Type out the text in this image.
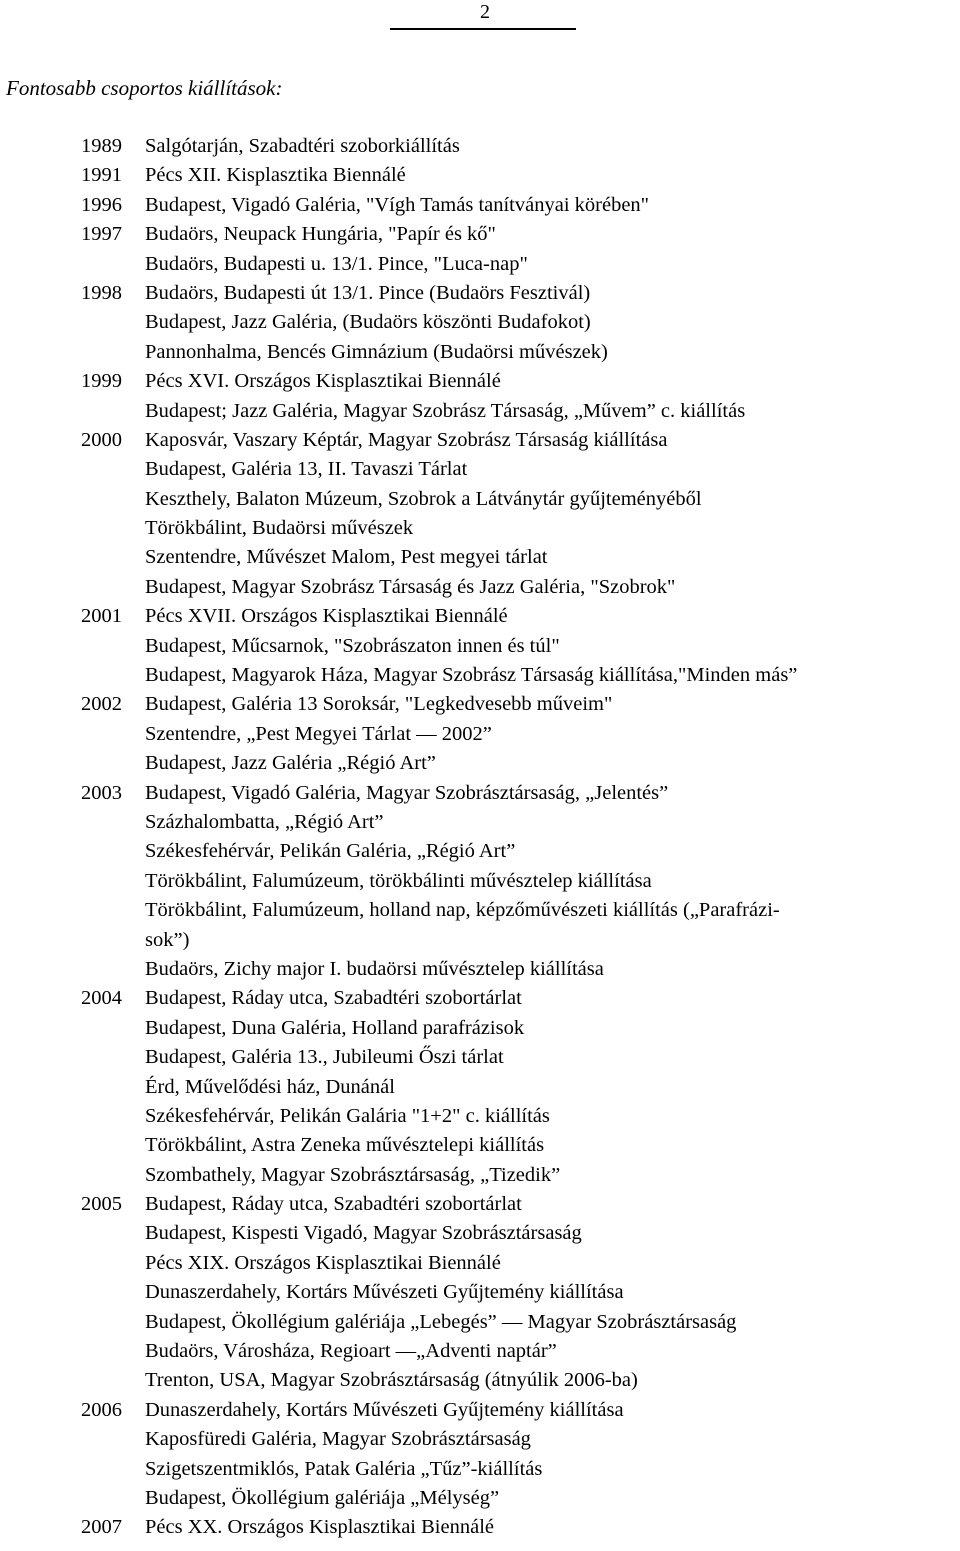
2
Fontosabb csoportos kiállítások:
1989 Salgótarján, Szabadtéri szoborkiállítás
1991 Pécs XII. Kisplasztika Biennálé
1996 Budapest, Vigadó Galéria, "Vígh Tamás tanítványai körében"
1997 Budaörs, Neupack Hungária, "Papír és kő"
Budaörs, Budapesti u. 13/1. Pince, "Luca-nap"
1998 Budaörs, Budapesti út 13/1. Pince (Budaörs Fesztivál)
Budapest, Jazz Galéria, (Budaörs köszönti Budafokot)
Pannonhalma, Bencés Gimnázium (Budaörsi művészek)
1999 Pécs XVI. Országos Kisplasztikai Biennálé
Budapest; Jazz Galéria, Magyar Szobrász Társaság, „Művem” c. kiállítás
2000 Kaposvár, Vaszary Képtár, Magyar Szobrász Társaság kiállítása
Budapest, Galéria 13, II. Tavaszi Tárlat
Keszthely, Balaton Múzeum, Szobrok a Látványtár gyűjteményéből
Törökbálint, Budaörsi művészek
Szentendre, Művészet Malom, Pest megyei tárlat
Budapest, Magyar Szobrász Társaság és Jazz Galéria, "Szobrok"
2001 Pécs XVII. Országos Kisplasztikai Biennálé
Budapest, Műcsarnok, "Szobrászaton innen és túl"
Budapest, Magyarok Háza, Magyar Szobrász Társaság kiállítása,"Minden más”
2002 Budapest, Galéria 13 Soroksár, "Legkedvesebb műveim"
Szentendre, „Pest Megyei Tárlat — 2002”
Budapest, Jazz Galéria „Régió Art”
2003 Budapest, Vigadó Galéria, Magyar Szobrásztársaság, „Jelentés”
Százhalombatta, „Régió Art”
Székesfehérvár, Pelikán Galéria, „Régió Art”
Törökbálint, Falumúzeum, törökbálinti művésztelep kiállítása
Törökbálint, Falumúzeum, holland nap, képzőművészeti kiállítás („Parafrázi-
sok”)
Budaörs, Zichy major I. budaörsi művésztelep kiállítása
2004 Budapest, Ráday utca, Szabadtéri szobortárlat
Budapest, Duna Galéria, Holland parafrázisok
Budapest, Galéria 13., Jubileumi Őszi tárlat
Érd, Művelődési ház, Dunánál
Székesfehérvár, Pelikán Galária "1+2" c. kiállítás
Törökbálint, Astra Zeneka művésztelepi kiállítás
Szombathely, Magyar Szobrásztársaság, „Tizedik”
2005 Budapest, Ráday utca, Szabadtéri szobortárlat
Budapest, Kispesti Vigadó, Magyar Szobrásztársaság
Pécs XIX. Országos Kisplasztikai Biennálé
Dunaszerdahely, Kortárs Művészeti Gyűjtemény kiállítása
Budapest, Ökollégium galériája „Lebegés” — Magyar Szobrásztársaság
Budaörs, Városháza, Regioart —„Adventi naptár”
Trenton, USA, Magyar Szobrásztársaság (átnyúlik 2006-ba)
2006 Dunaszerdahely, Kortárs Művészeti Gyűjtemény kiállítása
Kaposfüredi Galéria, Magyar Szobrásztársaság
Szigetszentmiklós, Patak Galéria „Tűz”-kiállítás
Budapest, Ökollégium galériája „Mélység”
2007 Pécs XX. Országos Kisplasztikai Biennálé
